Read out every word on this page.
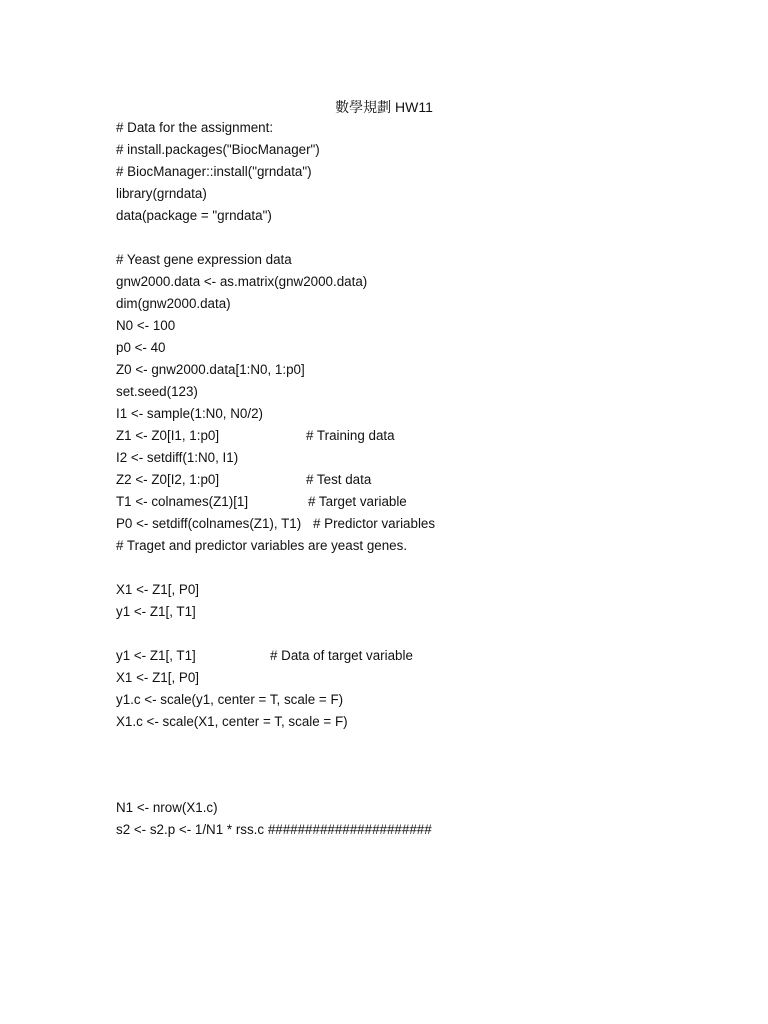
數學規劃 HW11
# Data for the assignment:
# install.packages("BiocManager")
# BiocManager::install("grndata")
library(grndata)
data(package = "grndata")
# Yeast gene expression data
gnw2000.data <- as.matrix(gnw2000.data)
dim(gnw2000.data)
N0 <- 100
p0 <- 40
Z0 <- gnw2000.data[1:N0, 1:p0]
set.seed(123)
I1 <- sample(1:N0, N0/2)
Z1 <- Z0[I1, 1:p0]	# Training data
I2 <- setdiff(1:N0, I1)
Z2 <- Z0[I2, 1:p0]	# Test data
T1 <- colnames(Z1)[1]	# Target variable
P0 <- setdiff(colnames(Z1), T1) # Predictor variables
# Traget and predictor variables are yeast genes.
X1 <- Z1[, P0]
y1 <- Z1[, T1]
y1 <- Z1[, T1]	# Data of target variable
X1 <- Z1[, P0]
y1.c <- scale(y1, center = T, scale = F)
X1.c <- scale(X1, center = T, scale = F)
N1 <- nrow(X1.c)
s2 <- s2.p <- 1/N1 * rss.c ######################
